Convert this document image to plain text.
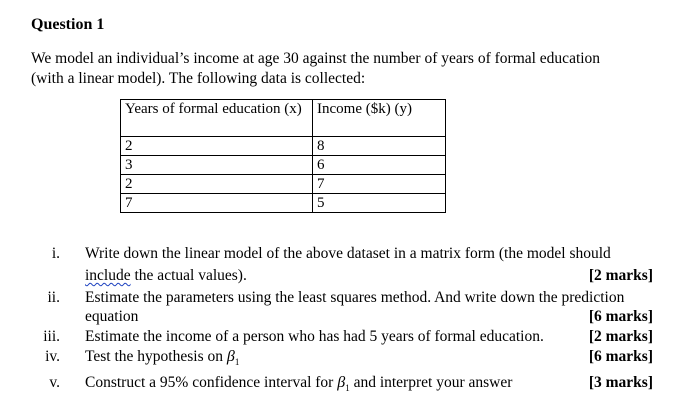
Question 1
We model an individual’s income at age 30 against the number of years of formal education
(with a linear model). The following data is collected:
Years of formal education (x)	Income ($k) (y)
2	8
3	6
2	7
7	5
i. Write down the linear model of the above dataset in a matrix form (the model should
include the actual values).	[2 marks]
ii. Estimate the parameters using the least squares method. And write down the prediction
equation	[6 marks]
iii. Estimate the income of a person who has had 5 years of formal education.	[2 marks]
iv. Test the hypothesis on $\beta_1$	[6 marks]
v. Construct a 95% confidence interval for $\beta_1$ and interpret your answer	[3 marks]
